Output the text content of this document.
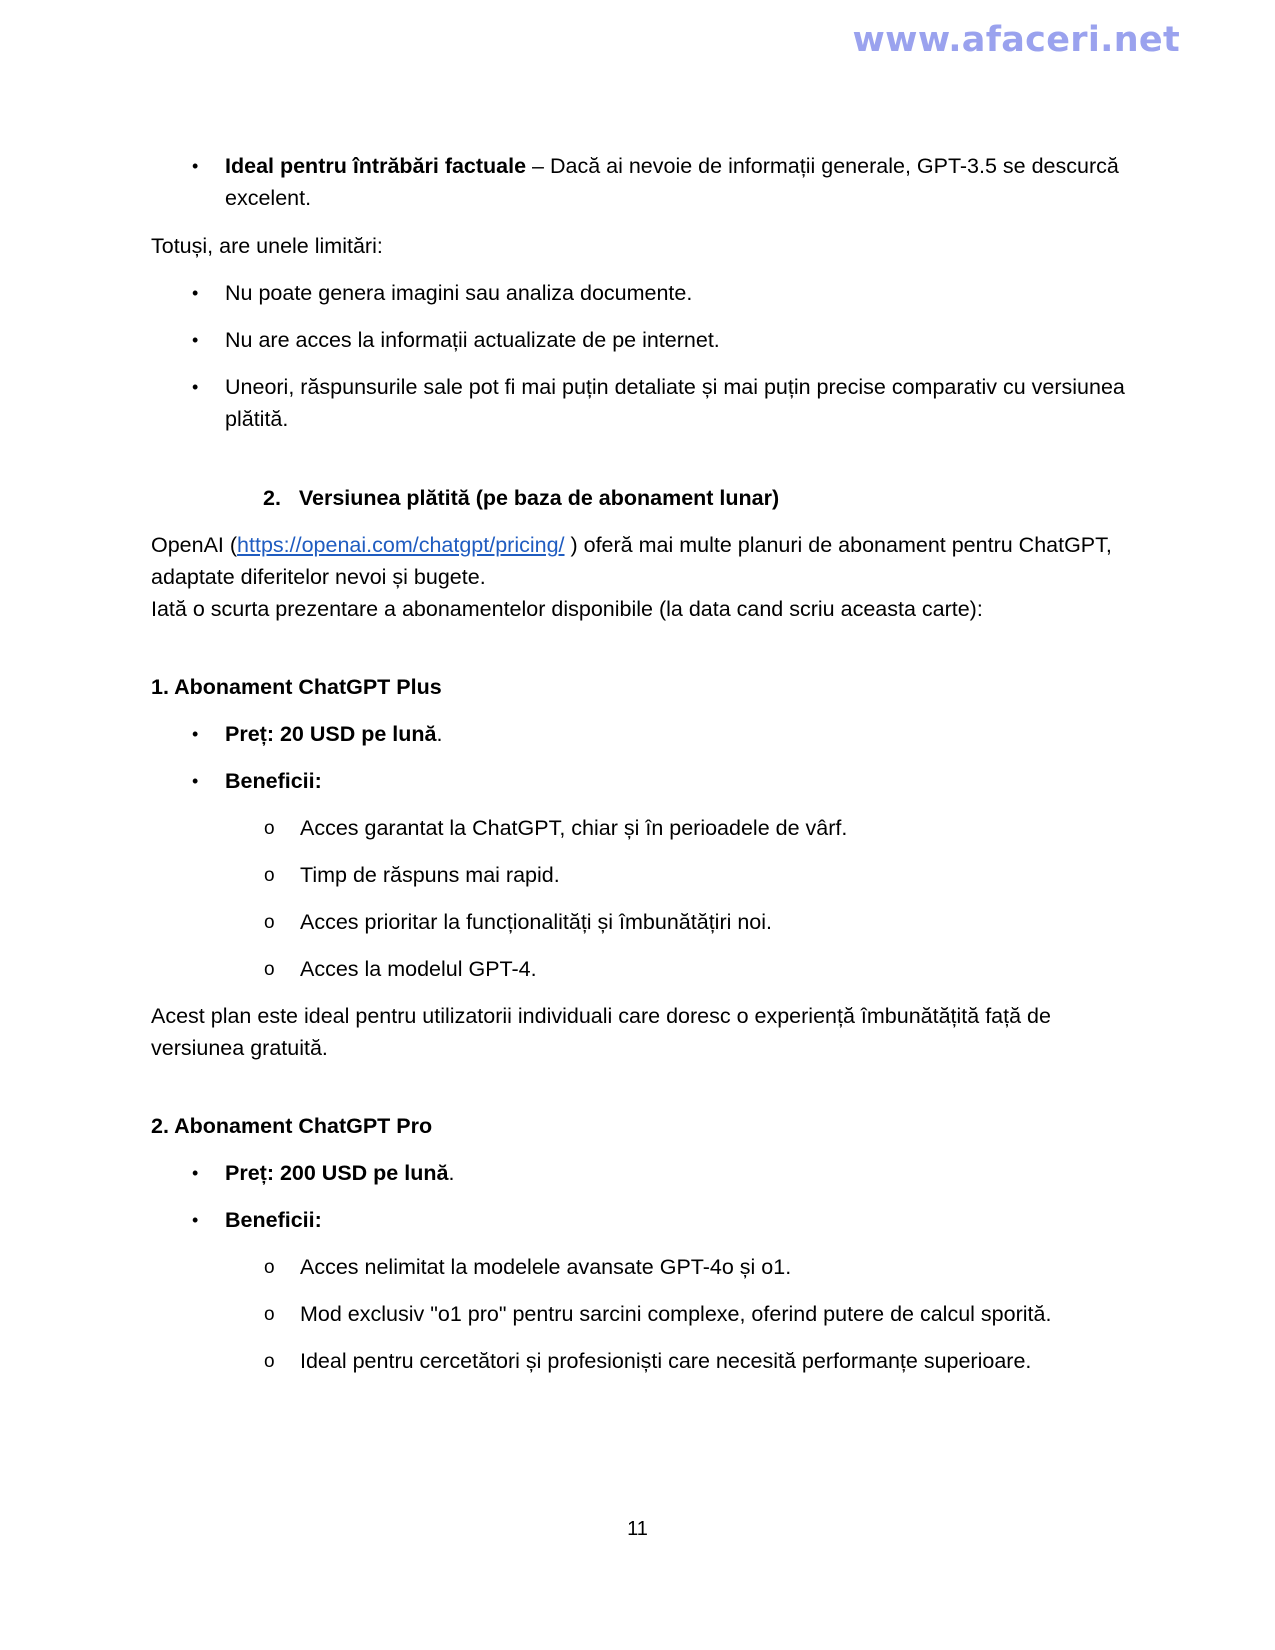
www.afaceri.net
• Ideal pentru întrăbări factuale – Dacă ai nevoie de informații generale, GPT-3.5 se descurcă excelent.
Totuși, are unele limitări:
• Nu poate genera imagini sau analiza documente.
• Nu are acces la informații actualizate de pe internet.
• Uneori, răspunsurile sale pot fi mai puțin detaliate și mai puțin precise comparativ cu versiunea plătită.
2.   Versiunea plătită (pe baza de abonament lunar)
OpenAI (https://openai.com/chatgpt/pricing/ ) oferă mai multe planuri de abonament pentru ChatGPT, adaptate diferitelor nevoi și bugete.
Iată o scurta prezentare a abonamentelor disponibile (la data cand scriu aceasta carte):
1. Abonament ChatGPT Plus
• Preț: 20 USD pe lună.
• Beneficii:
o Acces garantat la ChatGPT, chiar și în perioadele de vârf.
o Timp de răspuns mai rapid.
o Acces prioritar la funcționalități și îmbunătățiri noi.
o Acces la modelul GPT-4.
Acest plan este ideal pentru utilizatorii individuali care doresc o experiență îmbunătățită față de versiunea gratuită.
2. Abonament ChatGPT Pro
• Preț: 200 USD pe lună.
• Beneficii:
o Acces nelimitat la modelele avansate GPT-4o și o1.
o Mod exclusiv "o1 pro" pentru sarcini complexe, oferind putere de calcul sporită.
o Ideal pentru cercetători și profesioniști care necesită performanțe superioare.
11
